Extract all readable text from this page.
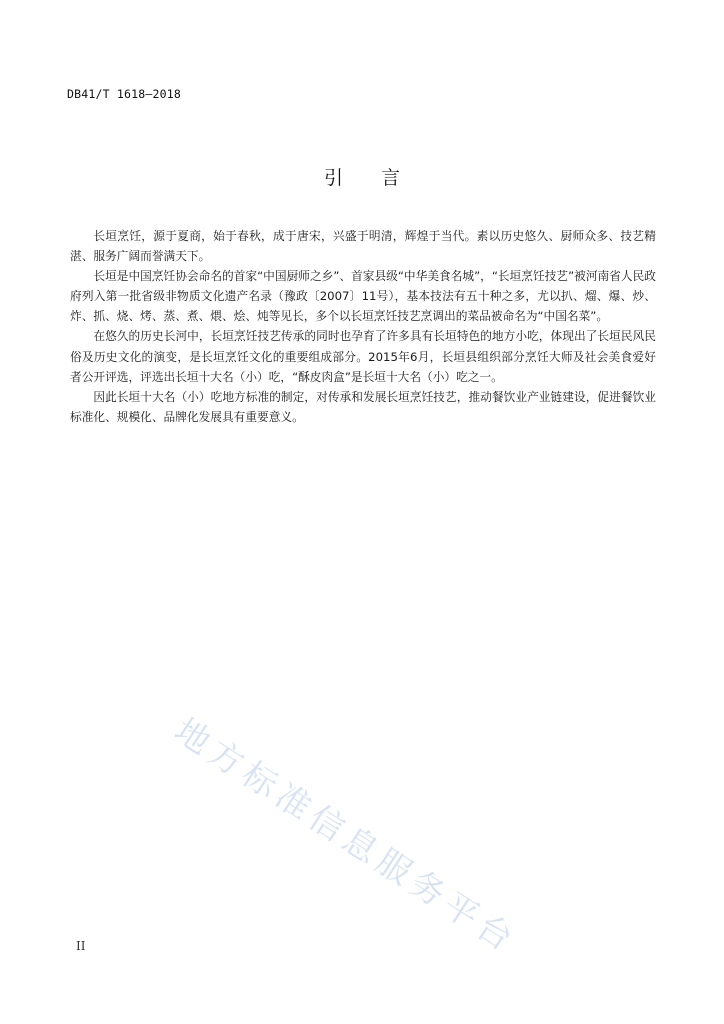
DB41/T 1618—2018
引言

长垣烹饪，源于夏商，始于春秋，成于唐宋，兴盛于明清，辉煌于当代。素以历史悠久、厨师众多、技艺精湛、服务广阔而誉满天下。

长垣是中国烹饪协会命名的首家“中国厨师之乡”、首家县级“中华美食名城”，“长垣烹饪技艺”被河南省人民政府列入第一批省级非物质文化遗产名录（豫政〔2007〕11号），基本技法有五十种之多，尤以扒、熘、爆、炒、炸、抓、烧、烤、蒸、煮、煨、烩、炖等见长，多个以长垣烹饪技艺烹调出的菜品被命名为“中国名菜”。

在悠久的历史长河中，长垣烹饪技艺传承的同时也孕育了许多具有长垣特色的地方小吃，体现出了长垣民风民俗及历史文化的演变，是长垣烹饪文化的重要组成部分。2015年6月，长垣县组织部分烹饪大师及社会美食爱好者公开评选，评选出长垣十大名（小）吃，“酥皮肉盒”是长垣十大名（小）吃之一。

因此长垣十大名（小）吃地方标准的制定，对传承和发展长垣烹饪技艺，推动餐饮业产业链建设，促进餐饮业标准化、规模化、品牌化发展具有重要意义。

地方标准信息服务平台
II
